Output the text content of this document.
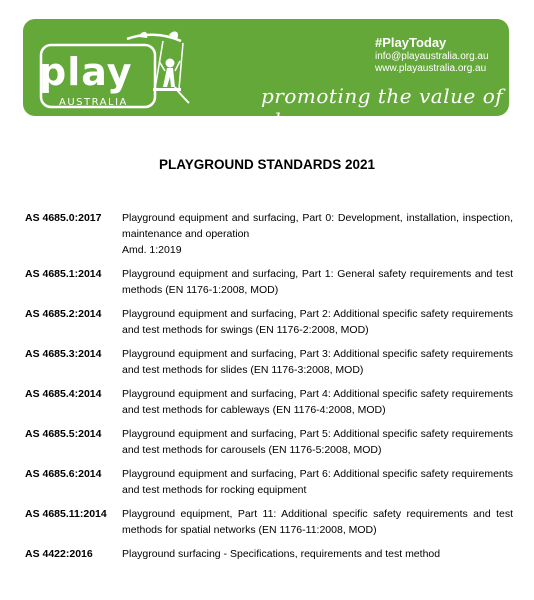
play
AUSTRALIA
#PlayToday
info@playaustralia.org.au
www.playaustralia.org.au
promoting the value of play
PLAYGROUND STANDARDS 2021
AS 4685.0:2017 Playground equipment and surfacing, Part 0: Development, installation, inspection, maintenance and operation
Amd. 1:2019
AS 4685.1:2014 Playground equipment and surfacing, Part 1: General safety requirements and test methods (EN 1176-1:2008, MOD)
AS 4685.2:2014 Playground equipment and surfacing, Part 2: Additional specific safety requirements and test methods for swings (EN 1176-2:2008, MOD)
AS 4685.3:2014 Playground equipment and surfacing, Part 3: Additional specific safety requirements and test methods for slides (EN 1176-3:2008, MOD)
AS 4685.4:2014 Playground equipment and surfacing, Part 4: Additional specific safety requirements and test methods for cableways (EN 1176-4:2008, MOD)
AS 4685.5:2014 Playground equipment and surfacing, Part 5: Additional specific safety requirements and test methods for carousels (EN 1176-5:2008, MOD)
AS 4685.6:2014 Playground equipment and surfacing, Part 6: Additional specific safety requirements and test methods for rocking equipment
AS 4685.11:2014 Playground equipment, Part 11: Additional specific safety requirements and test methods for spatial networks (EN 1176-11:2008, MOD)
AS 4422:2016	Playground surfacing - Specifications, requirements and test method
